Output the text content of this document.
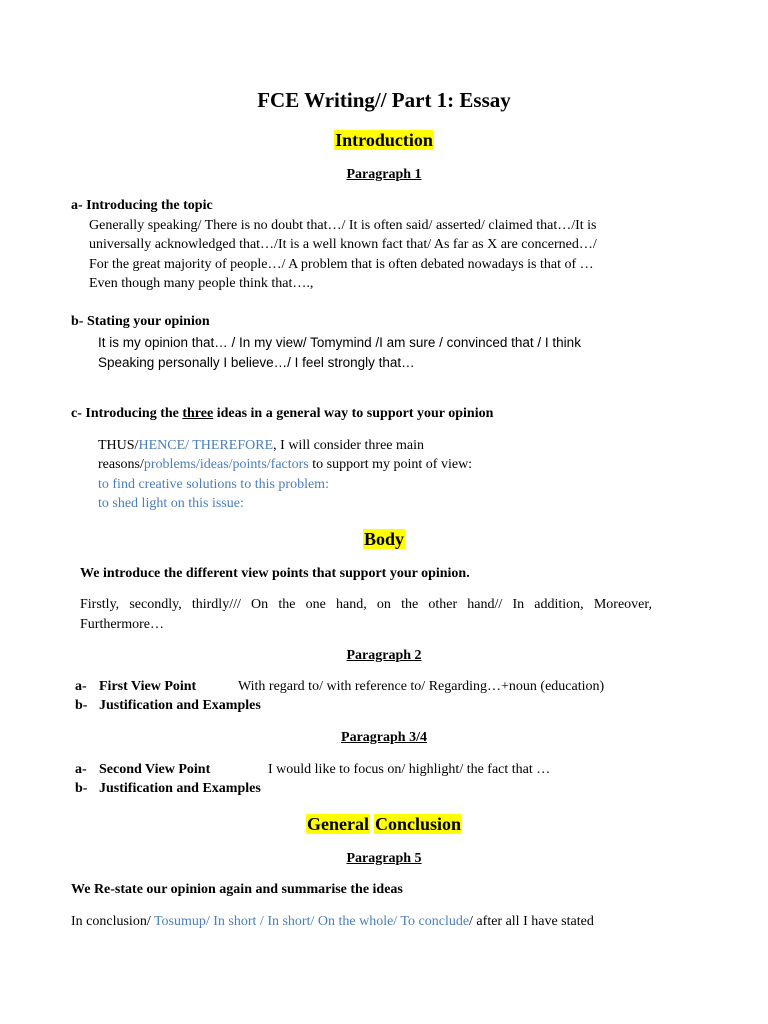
FCE Writing// Part 1: Essay
Introduction
Paragraph 1
a- Introducing the topic
Generally speaking/ There is no doubt that…/ It is often said/ asserted/ claimed that…/It is
universally acknowledged that…/It is a well known fact that/ As far as X are concerned…/
For the great majority of people…/ A problem that is often debated nowadays is that of …
Even though many people think that….,
b- Stating your opinion
It is my opinion that… / In my view/ Tomymind /I am sure / convinced that / I think
Speaking personally I believe…/ I feel strongly that…
c- Introducing the three ideas in a general way to support your opinion
THUS/HENCE/ THEREFORE, I will consider three main
reasons/problems/ideas/points/factors to support my point of view:
to find creative solutions to this problem:
to shed light on this issue:
Body
We introduce the different view points that support your opinion.
Firstly, secondly, thirdly/// On the one hand, on the other hand// In addition, Moreover,
Furthermore…
Paragraph 2
a- First View Point	With regard to/ with reference to/ Regarding…+noun (education)
b- Justification and Examples
Paragraph 3/4
a- Second View Point	I would like to focus on/ highlight/ the fact that …
b- Justification and Examples
General Conclusion
Paragraph 5
We Re-state our opinion again and summarise the ideas
In conclusion/ Tosumup/ In short / In short/ On the whole/ To conclude/ after all I have stated
